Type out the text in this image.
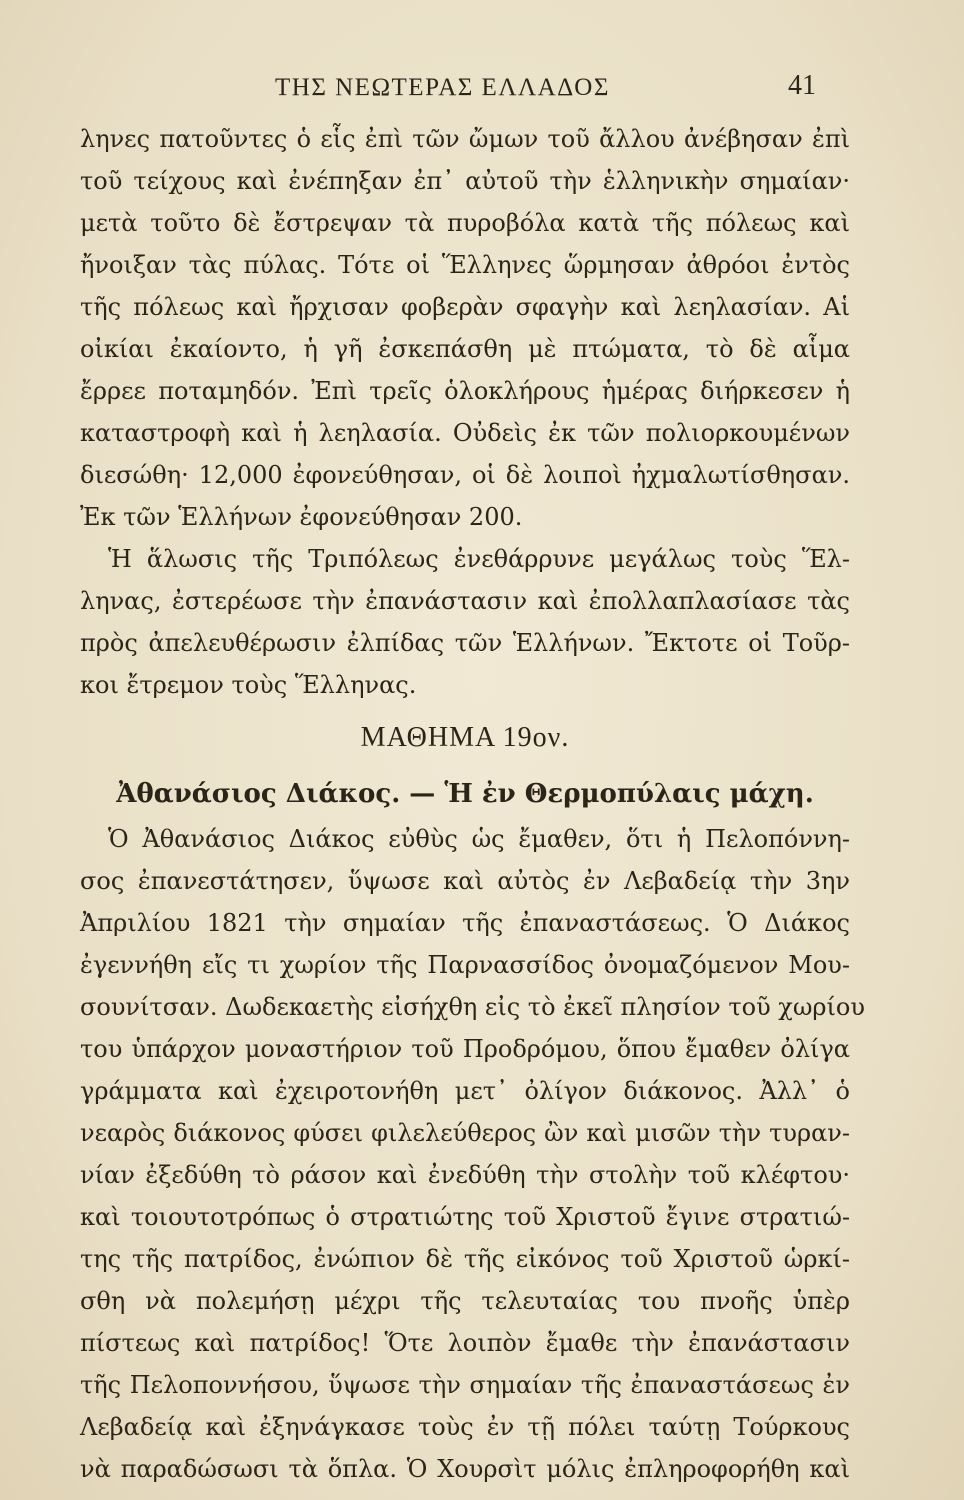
ΤΗΣ ΝΕΩΤΕΡΑΣ ΕΛΛΑΔΟΣ	41
ληνες πατοῦντες ὁ εἷς ἐπὶ τῶν ὤμων τοῦ ἄλλου ἀνέβησαν ἐπὶ
τοῦ τείχους καὶ ἐνέπηξαν ἐπ᾽ αὐτοῦ τὴν ἑλληνικὴν σημαίαν·
μετὰ τοῦτο δὲ ἔστρεψαν τὰ πυροβόλα κατὰ τῆς πόλεως καὶ
ἤνοιξαν τὰς πύλας. Τότε οἱ Ἕλληνες ὥρμησαν ἀθρόοι ἐντὸς
τῆς πόλεως καὶ ἤρχισαν φοβερὰν σφαγὴν καὶ λεηλασίαν. Αἱ
οἰκίαι ἐκαίοντο, ἡ γῆ ἐσκεπάσθη μὲ πτώματα, τὸ δὲ αἷμα
ἔρρεε ποταμηδόν. Ἐπὶ τρεῖς ὁλοκλήρους ἡμέρας διήρκεσεν ἡ
καταστροφὴ καὶ ἡ λεηλασία. Οὐδεὶς ἐκ τῶν πολιορκουμένων
διεσώθη· 12,000 ἐφονεύθησαν, οἱ δὲ λοιποὶ ἠχμαλωτίσθησαν.
Ἐκ τῶν Ἑλλήνων ἐφονεύθησαν 200.
Ἡ ἅλωσις τῆς Τριπόλεως ἐνεθάρρυνε μεγάλως τοὺς Ἕλ-
ληνας, ἐστερέωσε τὴν ἐπανάστασιν καὶ ἐπολλαπλασίασε τὰς
πρὸς ἀπελευθέρωσιν ἐλπίδας τῶν Ἑλλήνων. Ἔκτοτε οἱ Τοῦρ-
κοι ἔτρεμον τοὺς Ἕλληνας.
ΜΑΘΗΜΑ 19ον.
Ἀθανάσιος Διάκος. — Ἡ ἐν Θερμοπύλαις μάχη.
Ὁ Ἀθανάσιος Διάκος εὐθὺς ὡς ἔμαθεν, ὅτι ἡ Πελοπόννη-
σος ἐπανεστάτησεν, ὕψωσε καὶ αὐτὸς ἐν Λεβαδείᾳ τὴν 3ην
Ἀπριλίου 1821 τὴν σημαίαν τῆς ἐπαναστάσεως. Ὁ Διάκος
ἐγεννήθη εἴς τι χωρίον τῆς Παρνασσίδος ὀνομαζόμενον Μου-
σουνίτσαν. Δωδεκαετὴς εἰσήχθη εἰς τὸ ἐκεῖ πλησίον τοῦ χωρίου
του ὑπάρχον μοναστήριον τοῦ Προδρόμου, ὅπου ἔμαθεν ὀλίγα
γράμματα καὶ ἐχειροτονήθη μετ᾽ ὀλίγον διάκονος. Ἀλλ᾽ ὁ
νεαρὸς διάκονος φύσει φιλελεύθερος ὢν καὶ μισῶν τὴν τυραν-
νίαν ἐξεδύθη τὸ ράσον καὶ ἐνεδύθη τὴν στολὴν τοῦ κλέφτου·
καὶ τοιουτοτρόπως ὁ στρατιώτης τοῦ Χριστοῦ ἔγινε στρατιώ-
της τῆς πατρίδος, ἐνώπιον δὲ τῆς εἰκόνος τοῦ Χριστοῦ ὡρκί-
σθη νὰ πολεμήσῃ μέχρι τῆς τελευταίας του πνοῆς ὑπὲρ
πίστεως καὶ πατρίδος! Ὅτε λοιπὸν ἔμαθε τὴν ἐπανάστασιν
τῆς Πελοποννήσου, ὕψωσε τὴν σημαίαν τῆς ἐπαναστάσεως ἐν
Λεβαδείᾳ καὶ ἐξηνάγκασε τοὺς ἐν τῇ πόλει ταύτῃ Τούρκους
νὰ παραδώσωσι τὰ ὅπλα. Ὁ Χουρσὶτ μόλις ἐπληροφορήθη καὶ
